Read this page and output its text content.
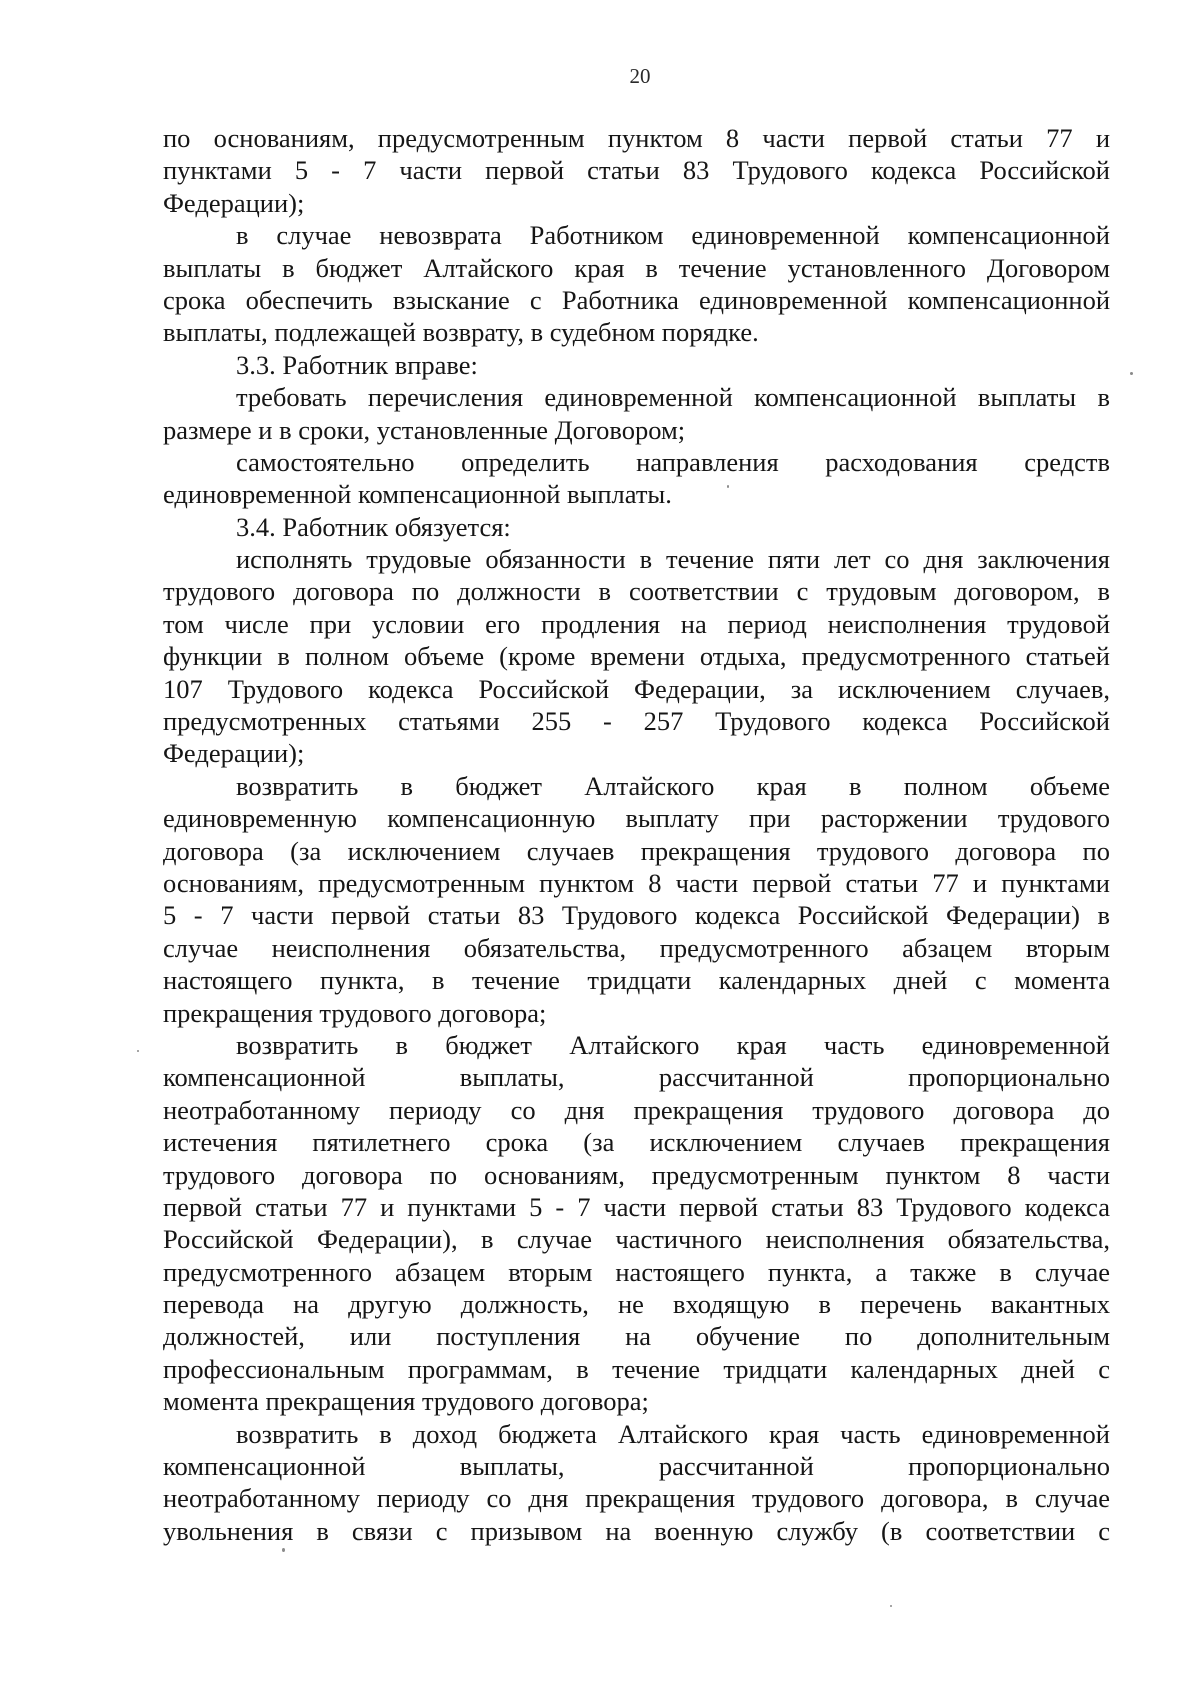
20
по основаниям, предусмотренным пунктом 8 части первой статьи 77 и
пунктами 5 - 7 части первой статьи 83 Трудового кодекса Российской
Федерации);
в случае невозврата Работником единовременной компенсационной
выплаты в бюджет Алтайского края в течение установленного Договором
срока обеспечить взыскание с Работника единовременной компенсационной
выплаты, подлежащей возврату, в судебном порядке.
3.3. Работник вправе:
требовать перечисления единовременной компенсационной выплаты в
размере и в сроки, установленные Договором;
самостоятельно определить направления расходования средств
единовременной компенсационной выплаты.
3.4. Работник обязуется:
исполнять трудовые обязанности в течение пяти лет со дня заключения
трудового договора по должности в соответствии с трудовым договором, в
том числе при условии его продления на период неисполнения трудовой
функции в полном объеме (кроме времени отдыха, предусмотренного статьей
107 Трудового кодекса Российской Федерации, за исключением случаев,
предусмотренных статьями 255 - 257 Трудового кодекса Российской
Федерации);
возвратить в бюджет Алтайского края в полном объеме
единовременную компенсационную выплату при расторжении трудового
договора (за исключением случаев прекращения трудового договора по
основаниям, предусмотренным пунктом 8 части первой статьи 77 и пунктами
5 - 7 части первой статьи 83 Трудового кодекса Российской Федерации) в
случае неисполнения обязательства, предусмотренного абзацем вторым
настоящего пункта, в течение тридцати календарных дней с момента
прекращения трудового договора;
возвратить в бюджет Алтайского края часть единовременной
компенсационной выплаты, рассчитанной пропорционально
неотработанному периоду со дня прекращения трудового договора до
истечения пятилетнего срока (за исключением случаев прекращения
трудового договора по основаниям, предусмотренным пунктом 8 части
первой статьи 77 и пунктами 5 - 7 части первой статьи 83 Трудового кодекса
Российской Федерации), в случае частичного неисполнения обязательства,
предусмотренного абзацем вторым настоящего пункта, а также в случае
перевода на другую должность, не входящую в перечень вакантных
должностей, или поступления на обучение по дополнительным
профессиональным программам, в течение тридцати календарных дней с
момента прекращения трудового договора;
возвратить в доход бюджета Алтайского края часть единовременной
компенсационной выплаты, рассчитанной пропорционально
неотработанному периоду со дня прекращения трудового договора, в случае
увольнения в связи с призывом на военную службу (в соответствии с
